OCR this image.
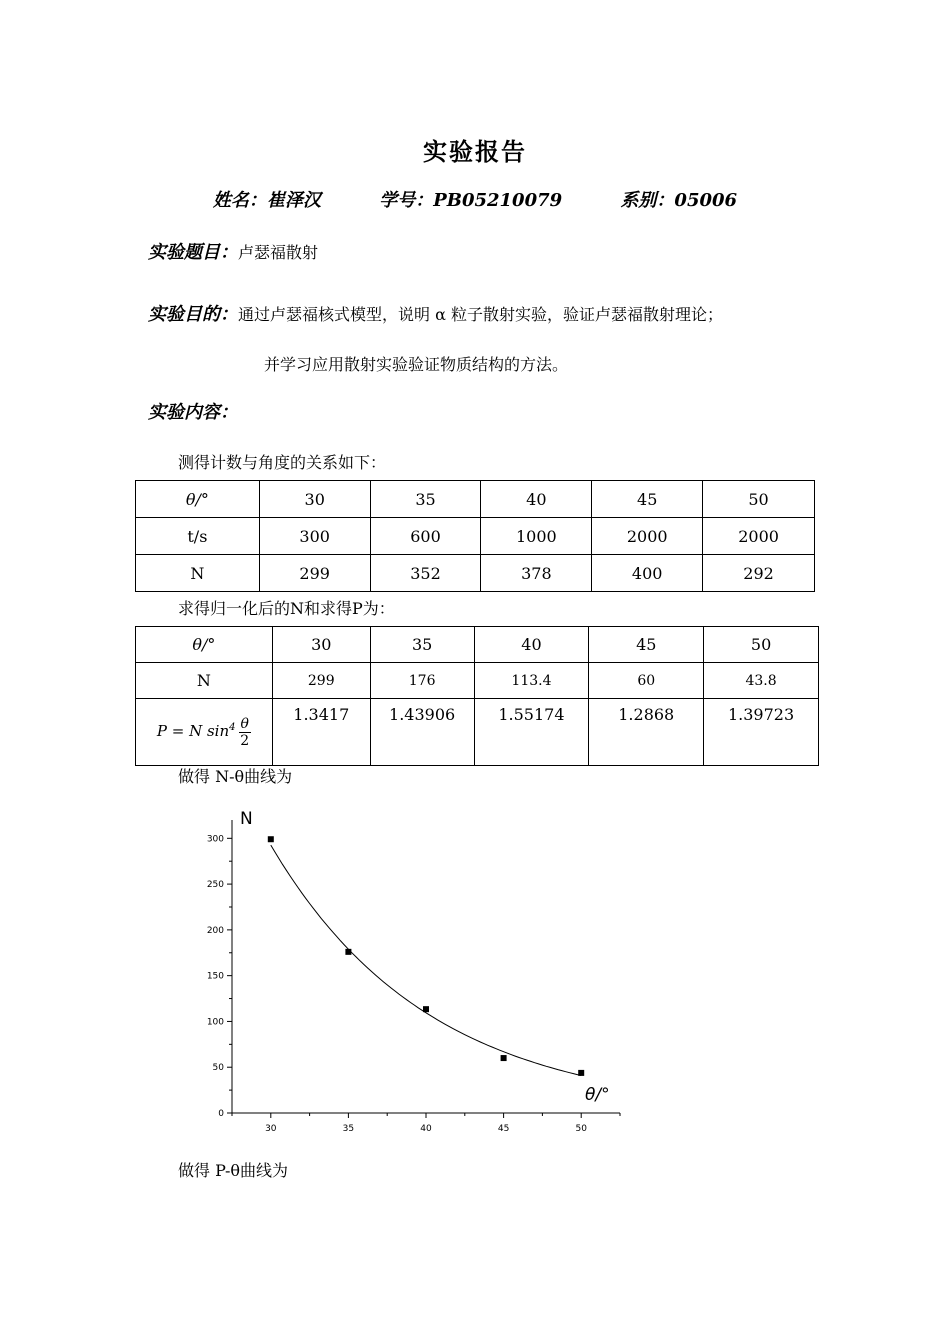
实验报告
姓名：崔泽汉	学号：PB05210079	系别：05006
实验题目：卢瑟福散射
实验目的：通过卢瑟福核式模型，说明 α 粒子散射实验，验证卢瑟福散射理论；
并学习应用散射实验验证物质结构的方法。
实验内容：
测得计数与角度的关系如下：
θ/°	30	35	40	45	50
t/s	300	600	1000	2000	2000
N	299	352	378	400	292
求得归一化后的N和求得P为：
θ/°	30	35	40	45	50
N	299	176	113.4	60	43.8
P = N $\sin^4 \frac{\theta}{2}$	1.3417	1.43906	1.55174	1.2868	1.39723
做得 N-θ曲线为
0
50
100
150
200
250
300
30	35	40	45	50
N
θ/°
做得 P-θ曲线为
